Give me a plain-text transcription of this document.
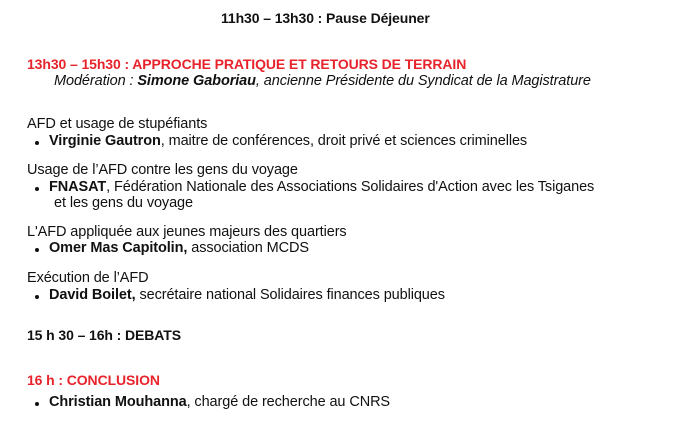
11h30 – 13h30 : Pause Déjeuner
13h30 – 15h30 : APPROCHE PRATIQUE ET RETOURS DE TERRAIN
Modération : Simone Gaboriau, ancienne Présidente du Syndicat de la Magistrature
AFD et usage de stupéfiants
Virginie Gautron, maitre de conférences, droit privé et sciences criminelles
Usage de l’AFD contre les gens du voyage
FNASAT, Fédération Nationale des Associations Solidaires d'Action avec les Tsiganes
et les gens du voyage
L'AFD appliquée aux jeunes majeurs des quartiers
Omer Mas Capitolin, association MCDS
Exécution de l’AFD
David Boilet, secrétaire national Solidaires finances publiques
15 h 30 – 16h : DEBATS
16 h : CONCLUSION
Christian Mouhanna, chargé de recherche au CNRS
